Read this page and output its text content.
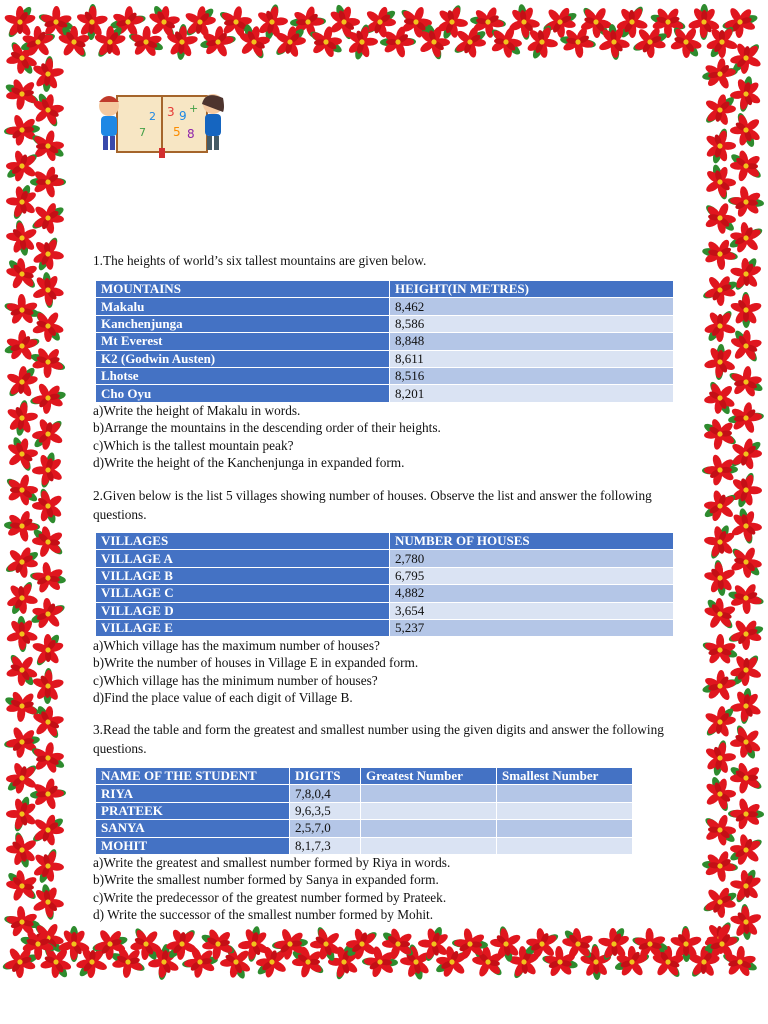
3 9
+
5 8
2
7

1.The heights of world’s six tallest mountains are given below.

MOUNTAINS	HEIGHT(IN METRES)
Makalu	8,462
Kanchenjunga	8,586
Mt Everest	8,848
K2 (Godwin Austen)	8,611
Lhotse	8,516
Cho Oyu	8,201

a)Write the height of Makalu in words.

b)Arrange the mountains in the descending order of their heights.

c)Which is the tallest mountain peak?

d)Write the height of the Kanchenjunga in expanded form.

2.Given below is the list 5 villages showing number of houses. Observe the list and answer the following questions.

VILLAGES	NUMBER OF HOUSES
VILLAGE A	2,780
VILLAGE B	6,795
VILLAGE C	4,882
VILLAGE D	3,654
VILLAGE E	5,237

a)Which village has the maximum number of houses?

b)Write the number of houses in Village E in expanded form.

c)Which village has the minimum number of houses?

d)Find the place value of each digit of Village B.

3.Read the table and form the greatest and smallest number using the given digits and answer the following questions.

NAME OF THE STUDENT	DIGITS	Greatest Number	Smallest Number
RIYA	7,8,0,4		
PRATEEK	9,6,3,5		
SANYA	2,5,7,0		
MOHIT	8,1,7,3		

a)Write the greatest and smallest number formed by Riya in words.

b)Write the smallest number formed by Sanya in expanded form.

c)Write the predecessor of the greatest number formed by Prateek.

d) Write the successor of the smallest number formed by Mohit.
